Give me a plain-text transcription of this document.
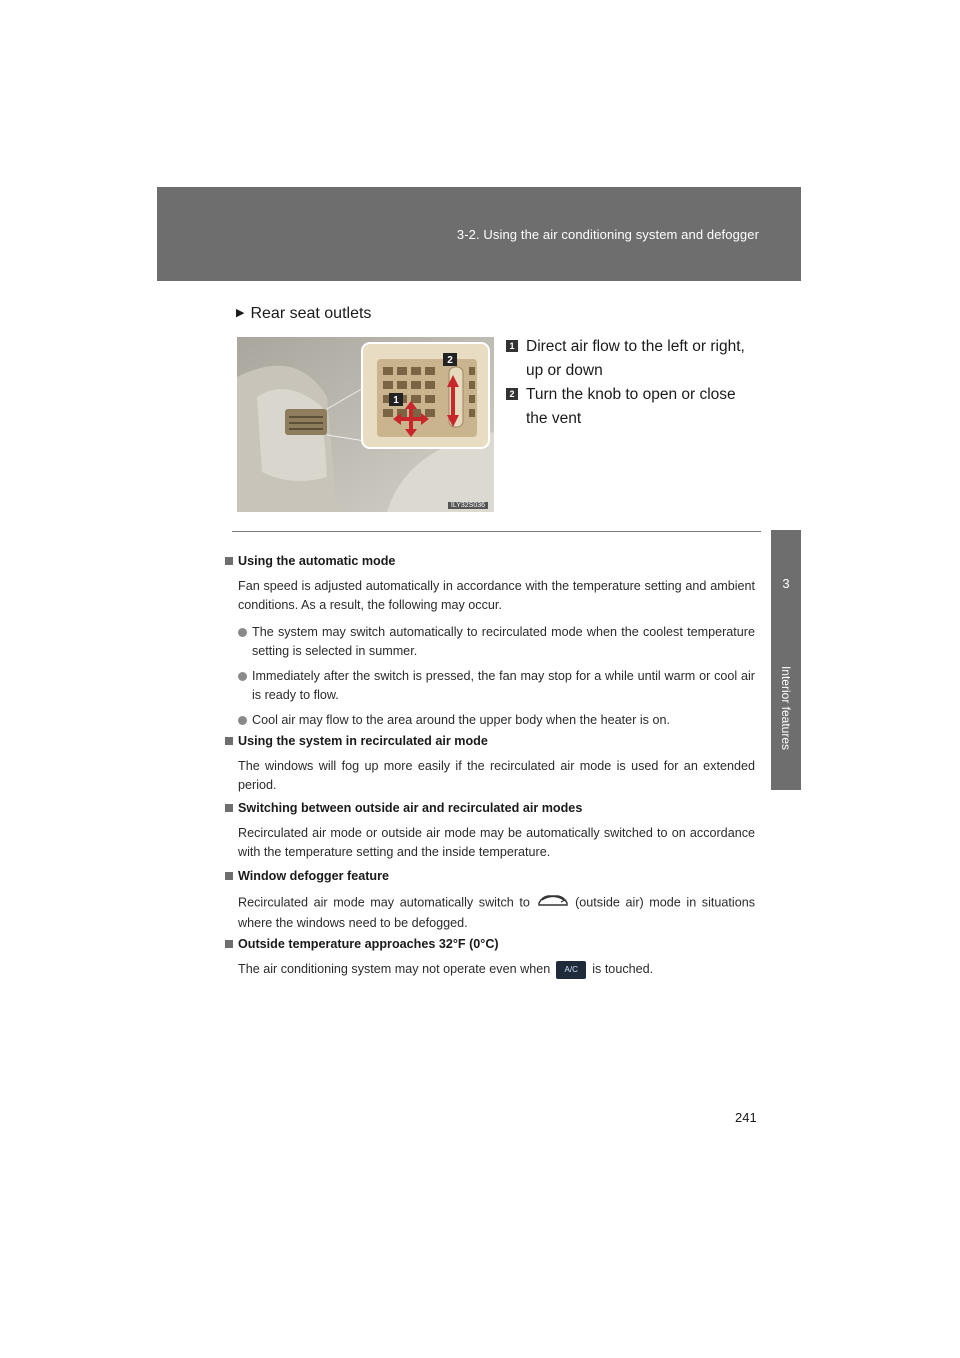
3-2. Using the air conditioning system and defogger
3
Interior features
▶ Rear seat outlets
1
2
ILY32S036
1 Direct air flow to the left or right, up or down
2 Turn the knob to open or close the vent
Using the automatic mode
Fan speed is adjusted automatically in accordance with the temperature setting and ambient conditions. As a result, the following may occur.
The system may switch automatically to recirculated mode when the coolest temperature setting is selected in summer.
Immediately after the switch is pressed, the fan may stop for a while until warm or cool air is ready to flow.
Cool air may flow to the area around the upper body when the heater is on.
Using the system in recirculated air mode
The windows will fog up more easily if the recirculated air mode is used for an extended period.
Switching between outside air and recirculated air modes
Recirculated air mode or outside air mode may be automatically switched to on accordance with the temperature setting and the inside temperature.
Window defogger feature
Recirculated air mode may automatically switch to	(outside air) mode in situations where the windows need to be defogged.
Outside temperature approaches 32°F (0°C)
The air conditioning system may not operate even when A/C is touched.
241
